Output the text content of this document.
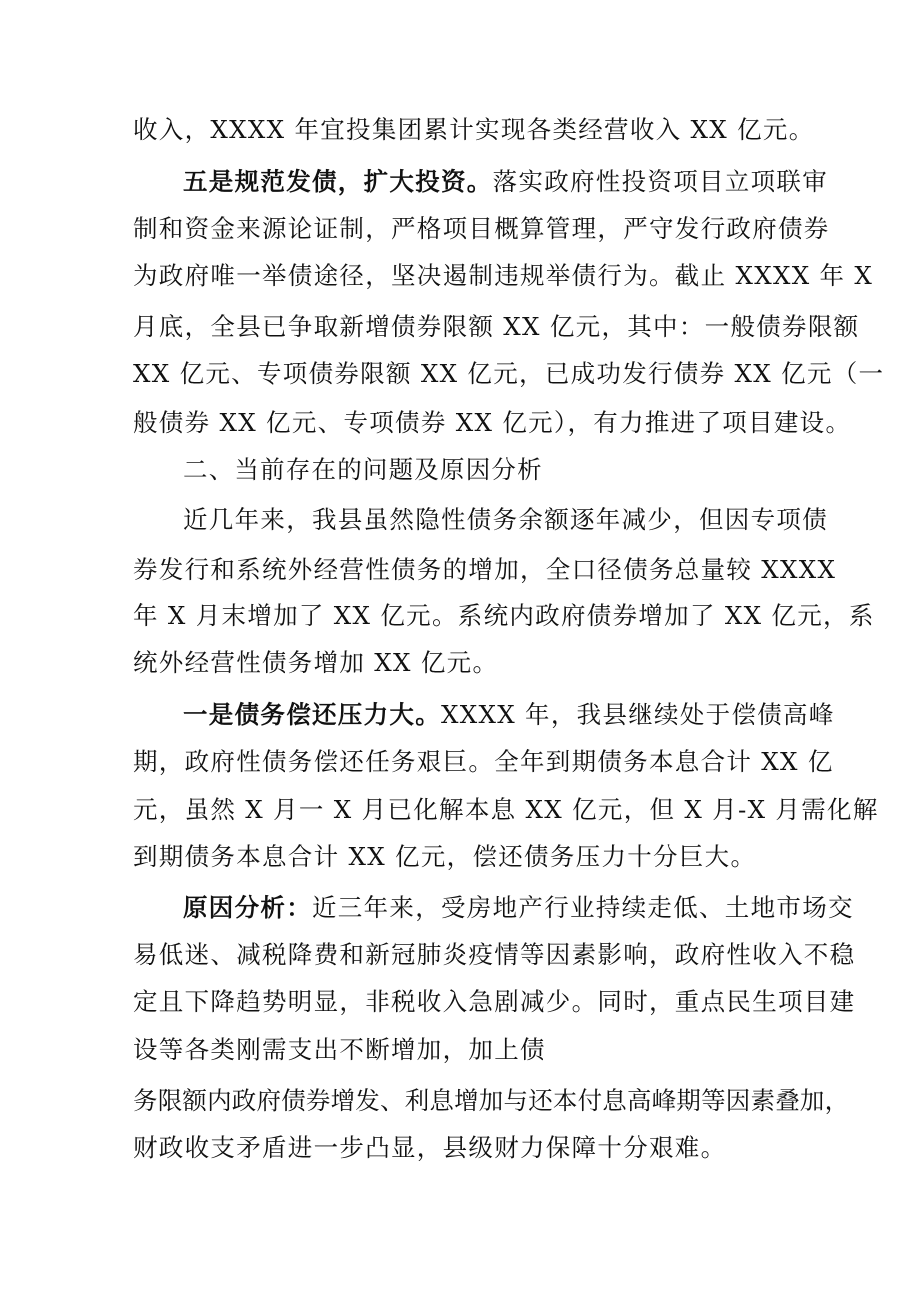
收入，XXXX 年宜投集团累计实现各类经营收入 XX 亿元。
五是规范发债，扩大投资。落实政府性投资项目立项联审
制和资金来源论证制，严格项目概算管理，严守发行政府债券
为政府唯一举债途径，坚决遏制违规举债行为。截止 XXXX 年 X
月底，全县已争取新增债券限额 XX 亿元，其中：一般债券限额
XX 亿元、专项债券限额 XX 亿元，已成功发行债券 XX 亿元（一
般债券 XX 亿元、专项债券 XX 亿元），有力推进了项目建设。
二、当前存在的问题及原因分析
近几年来，我县虽然隐性债务余额逐年减少，但因专项债
券发行和系统外经营性债务的增加，全口径债务总量较 XXXX
年 X 月末增加了 XX 亿元。系统内政府债券增加了 XX 亿元，系
统外经营性债务增加 XX 亿元。
一是债务偿还压力大。XXXX 年，我县继续处于偿债高峰
期，政府性债务偿还任务艰巨。全年到期债务本息合计 XX 亿
元，虽然 X 月一 X 月已化解本息 XX 亿元，但 X 月-X 月需化解
到期债务本息合计 XX 亿元，偿还债务压力十分巨大。
原因分析：近三年来，受房地产行业持续走低、土地市场交
易低迷、减税降费和新冠肺炎疫情等因素影响，政府性收入不稳
定且下降趋势明显，非税收入急剧减少。同时，重点民生项目建
设等各类刚需支出不断增加，加上债
务限额内政府债券增发、利息增加与还本付息高峰期等因素叠加，
财政收支矛盾进一步凸显，县级财力保障十分艰难。
